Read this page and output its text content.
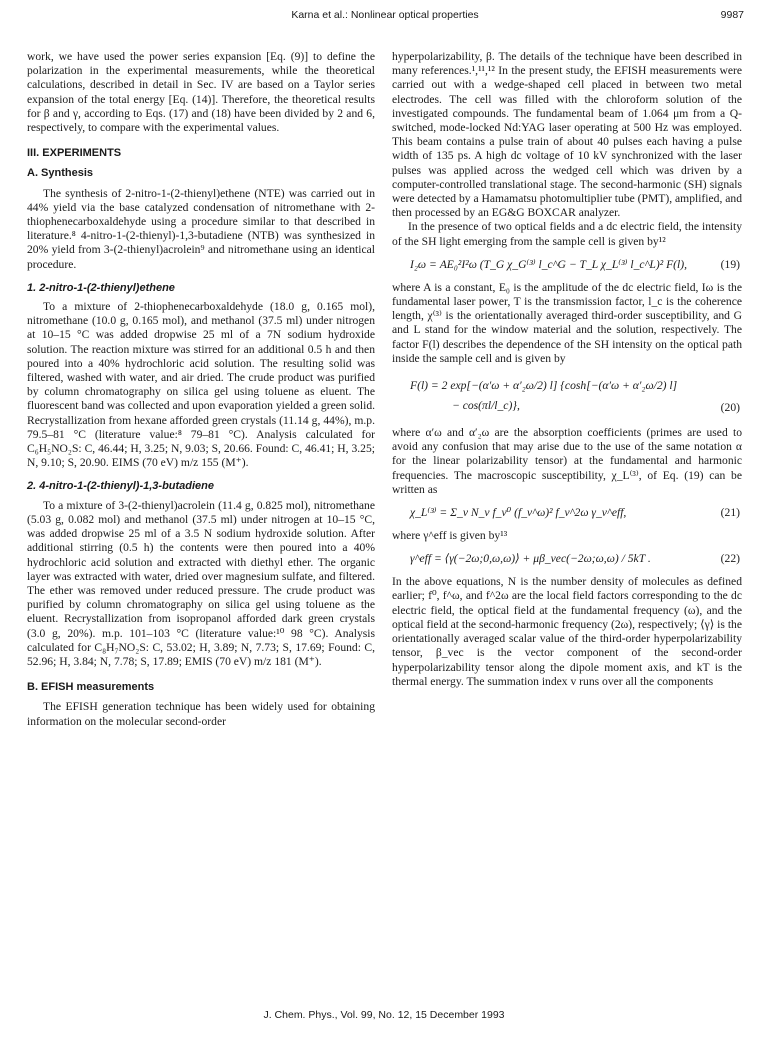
Karna et al.: Nonlinear optical properties	9987

work, we have used the power series expansion [Eq. (9)] to define the polarization in the experimental measurements, while the theoretical calculations, described in detail in Sec. IV are based on a Taylor series expansion of the total energy [Eq. (14)]. Therefore, the theoretical results for β and γ, according to Eqs. (17) and (18) have been divided by 2 and 6, respectively, to compare with the experimental values.

III. EXPERIMENTS
A. Synthesis

The synthesis of 2-nitro-1-(2-thienyl)ethene (NTE) was carried out in 44% yield via the base catalyzed condensation of nitromethane with 2-thiophenecarboxaldehyde using a procedure similar to that described in literature.⁸ 4-nitro-1-(2-thienyl)-1,3-butadiene (NTB) was synthesized in 20% yield from 3-(2-thienyl)acrolein⁹ and nitromethane using an identical procedure.

1. 2-nitro-1-(2-thienyl)ethene

To a mixture of 2-thiophenecarboxaldehyde (18.0 g, 0.165 mol), nitromethane (10.0 g, 0.165 mol), and methanol (37.5 ml) under nitrogen at 10–15 °C was added dropwise 25 ml of a 7N sodium hydroxide solution. The reaction mixture was stirred for an additional 0.5 h and then poured into a 40% hydrochloric acid solution. The resulting solid was filtered, washed with water, and air dried. The crude product was purified by column chromatography on silica gel using toluene as eluent. The fluorescent band was collected and upon evaporation yielded a green solid. Recrystallization from hexane afforded green crystals (11.14 g, 44%), m.p. 79.5–81 °C (literature value:⁸ 79–81 °C). Analysis calculated for C₆H₅NO₂S: C, 46.44; H, 3.25; N, 9.03; S, 20.66. Found: C, 46.41; H, 3.25; N, 9.10; S, 20.90. EIMS (70 eV) m/z 155 (M⁺).

2. 4-nitro-1-(2-thienyl)-1,3-butadiene

To a mixture of 3-(2-thienyl)acrolein (11.4 g, 0.825 mol), nitromethane (5.03 g, 0.082 mol) and methanol (37.5 ml) under nitrogen at 10–15 °C, was added dropwise 25 ml of a 3.5 N sodium hydroxide solution. After additional stirring (0.5 h) the contents were then poured into a 40% hydrochloric acid solution and extracted with diethyl ether. The organic layer was extracted with water, dried over magnesium sulfate, and filtered. The ether was removed under reduced pressure. The crude product was purified by column chromatography on silica gel using toluene as the eluent. Recrystallization from isopropanol afforded dark green crystals (3.0 g, 20%). m.p. 101–103 °C (literature value:¹⁰ 98 °C). Analysis calculated for C₈H₇NO₂S: C, 53.02; H, 3.89; N, 7.73; S, 17.69; Found: C, 52.96; H, 3.84; N, 7.78; S, 17.89; EMIS (70 eV) m/z 181 (M⁺).

B. EFISH measurements

The EFISH generation technique has been widely used for obtaining information on the molecular second-order

hyperpolarizability, β. The details of the technique have been described in many references.¹,¹¹,¹² In the present study, the EFISH measurements were carried out with a wedge-shaped cell placed in between two metal electrodes. The cell was filled with the chloroform solution of the investigated compounds. The fundamental beam of 1.064 μm from a Q-switched, mode-locked Nd:YAG laser operating at 500 Hz was employed. This beam contains a pulse train of about 40 pulses each having a pulse width of 135 ps. A high dc voltage of 10 kV synchronized with the laser pulses was applied across the wedged cell which was driven by a computer-controlled translational stage. The second-harmonic (SH) signals were detected by a Hamamatsu photomultiplier tube (PMT), amplified, and then processed by an EG&G BOXCAR analyzer.

In the presence of two optical fields and a dc electric field, the intensity of the SH light emerging from the sample cell is given by¹²

I₂ω = AE₀²I²ω (T_G χ_G⁽³⁾ l_c^G − T_L χ_L⁽³⁾ l_c^L)² F(l),	(19)

where A is a constant, E₀ is the amplitude of the dc electric field, Iω is the fundamental laser power, T is the transmission factor, l_c is the coherence length, χ⁽³⁾ is the orientationally averaged third-order susceptibility, and G and L stand for the window material and the solution, respectively. The factor F(l) describes the dependence of the SH intensity on the optical path inside the sample cell and is given by

F(l) = 2 exp[−(α′ω + α′₂ω/2) l] {cosh[−(α′ω + α′₂ω/2) l]
− cos(πl/l_c)},	(20)

where α′ω and α′₂ω are the absorption coefficients (primes are used to avoid any confusion that may arise due to the use of the same notation α for the linear polarizability tensor) at the fundamental and harmonic frequencies. The macroscopic susceptibility, χ_L⁽³⁾, of Eq. (19) can be written as

χ_L⁽³⁾ = Σ_v N_v f_v⁰ (f_v^ω)² f_v^2ω γ_v^eff,	(21)

where γ^eff is given by¹³

γ^eff = ⟨γ(−2ω;0,ω,ω)⟩ + μβ_vec(−2ω;ω,ω) / 5kT .	(22)

In the above equations, N is the number density of molecules as defined earlier; f⁰, f^ω, and f^2ω are the local field factors corresponding to the dc electric field, the optical field at the fundamental frequency (ω), and the optical field at the second-harmonic frequency (2ω), respectively; ⟨γ⟩ is the orientationally averaged scalar value of the third-order hyperpolarizability tensor, β_vec is the vector component of the second-order hyperpolarizability tensor along the dipole moment axis, and kT is the thermal energy. The summation index v runs over all the components

J. Chem. Phys., Vol. 99, No. 12, 15 December 1993
